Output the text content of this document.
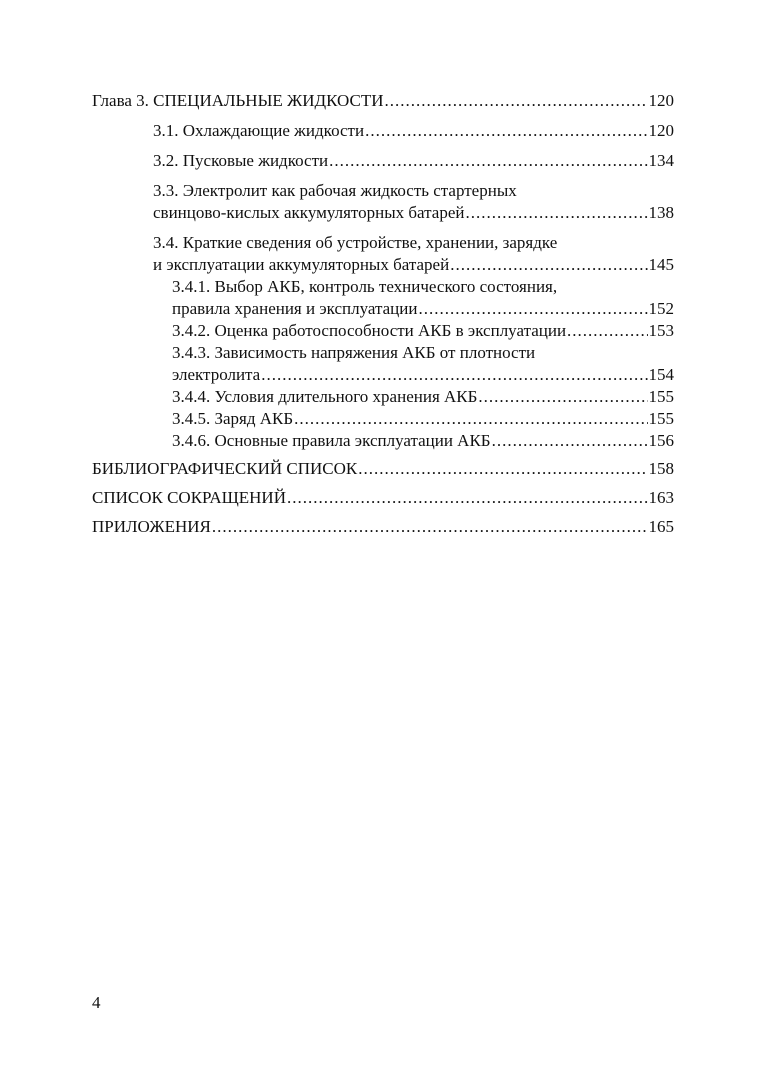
Глава 3. СПЕЦИАЛЬНЫЕ ЖИДКОСТИ .....	120
3.1. Охлаждающие жидкости .....	120
3.2. Пусковые жидкости .....	134
3.3. Электролит как рабочая жидкость стартерных
свинцово-кислых аккумуляторных батарей .....	138
3.4. Краткие сведения об устройстве, хранении, зарядке
и эксплуатации аккумуляторных батарей .....	145
3.4.1. Выбор АКБ, контроль технического состояния,
правила хранения и эксплуатации .....	152
3.4.2. Оценка работоспособности АКБ в эксплуатации .....	153
3.4.3. Зависимость напряжения АКБ от плотности
электролита .....	154
3.4.4. Условия длительного хранения АКБ .....	155
3.4.5. Заряд АКБ .....	155
3.4.6. Основные правила эксплуатации АКБ .....	156
БИБЛИОГРАФИЧЕСКИЙ СПИСОК .....	158
СПИСОК СОКРАЩЕНИЙ .....	163
ПРИЛОЖЕНИЯ .....	165
4
